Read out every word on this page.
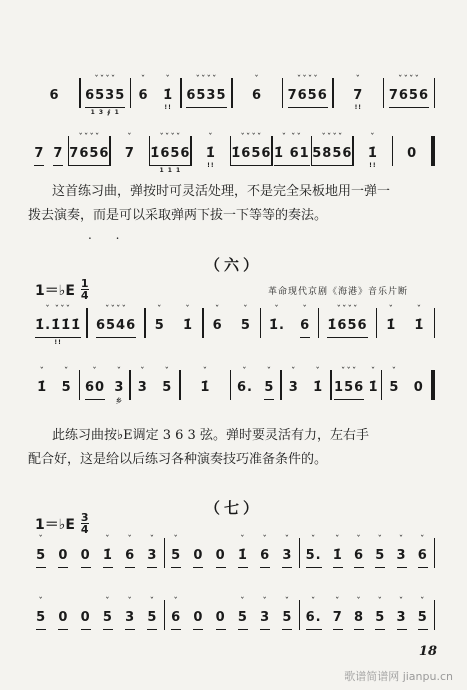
6
ˇˇˇˇ
6535
1 3 ∮ 1
ˇ
6
ˇ
1̇
!!
ˇˇˇˇ
6535
ˇ
6
ˇˇˇˇ
7656
ˇ
7
!!
ˇˇˇˇ
7656
7 7
ˇˇˇˇ
7656
ˇ
7
ˇˇˇˇ
1̇656
1 1 1
ˇ
1̇
!!
ˇˇˇˇ
1̇656
ˇ ˇˇ
1̇ 61
ˇˇˇˇ
5856
ˇ
1̇
!!
0
这首练习曲，弹按时可灵活处理，不是完全呆板地用一弹一
拨去演奏，而是可以采取弹两下拔一下等等的奏法。
. .
（六）
1＝♭E $\frac{1}{4}$	革命现代京剧《海港》音乐片断
ˇ ˇˇˇ
1̇.1̇1̇1̇
!!
ˇˇˇˇ
6546
ˇ
5
ˇ
1̇
ˇ
6
ˇ
5
ˇ
1̇.
ˇ
6
ˇˇˇˇ
1̇656
ˇ
1̇
ˇ
1̇
ˇ
1̇
ˇ
5
ˇ
60
ˇ
3
乡
ˇ
3
ˇ
5
ˇ
1̇
ˇ
6.
ˇ
5
ˇ
3
ˇ
1̇
ˇˇˇ
156
ˇ
1̇
ˇ
5 0
此练习曲按♭E调定 3 6 3 弦。弹时要灵活有力，左右手
配合好，这是给以后练习各种演奏技巧准备条件的。
（七）
1＝♭E $\frac{3}{4}$
ˇ
5 0 0
ˇ
1̇
ˇ
6
ˇ
3
ˇ
5 0 0
ˇ
1̇
ˇ
6
ˇ
3
ˇ
5.
ˇ
1̇
ˇ
6
ˇ
5
ˇ
3
ˇ
6
ˇ
5 0 0
ˇ
5
ˇ
3
ˇ
5
ˇ
6 0 0
ˇ
5
ˇ
3
ˇ
5
ˇ
6.
ˇ
7
ˇ
8
ˇ
5
ˇ
3
ˇ
5
18
歌谱简谱网 jianpu.cn
